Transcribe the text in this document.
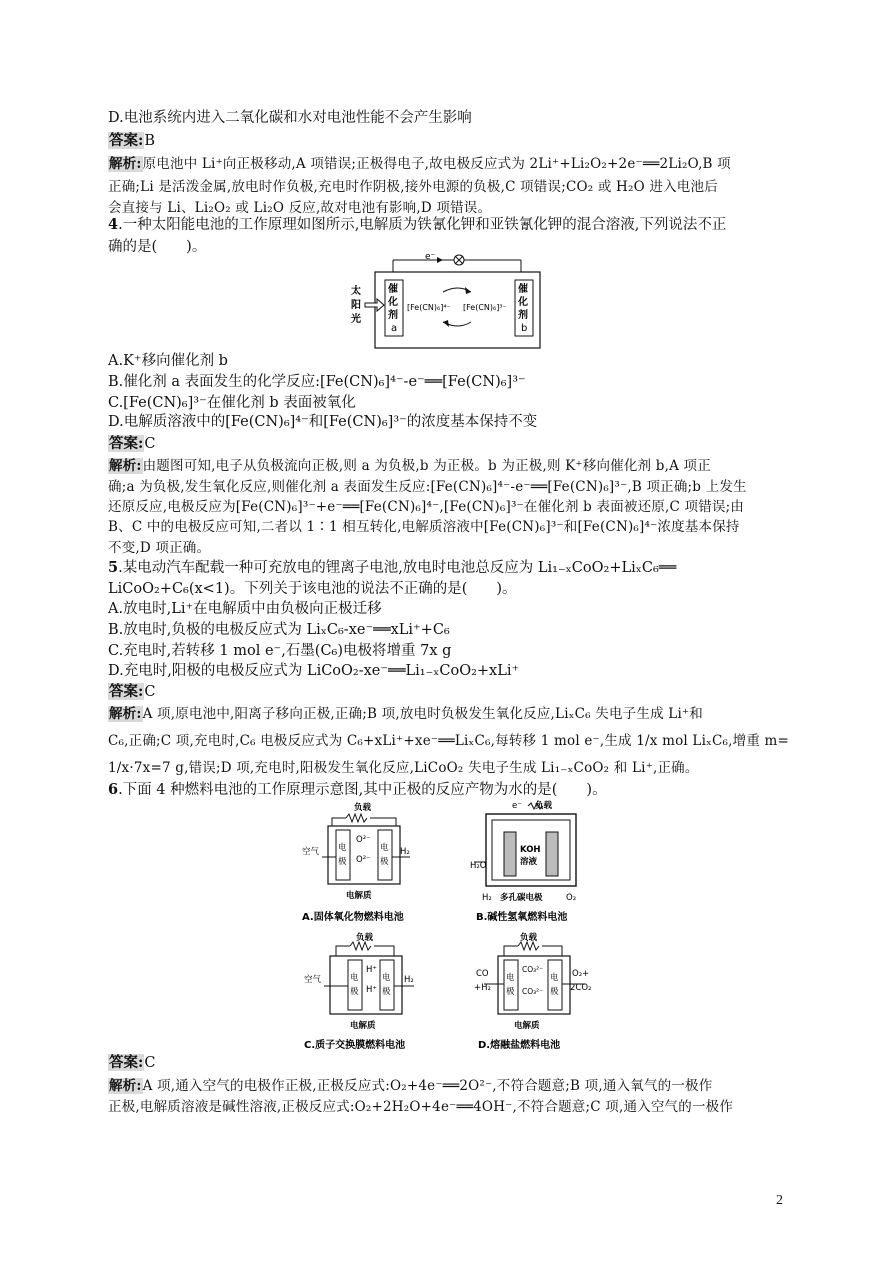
D.电池系统内进入二氧化碳和水对电池性能不会产生影响
答案:B
解析:原电池中 Li⁺向正极移动,A 项错误;正极得电子,故电极反应式为 2Li⁺+Li₂O₂+2e⁻══2Li₂O,B 项
正确;Li 是活泼金属,放电时作负极,充电时作阴极,接外电源的负极,C 项错误;CO₂ 或 H₂O 进入电池后
会直接与 Li、Li₂O₂ 或 Li₂O 反应,故对电池有影响,D 项错误。
4.一种太阳能电池的工作原理如图所示,电解质为铁氰化钾和亚铁氰化钾的混合溶液,下列说法不正
确的是(　　)。
A.K⁺移向催化剂 b
B.催化剂 a 表面发生的化学反应:[Fe(CN)₆]⁴⁻-e⁻══[Fe(CN)₆]³⁻
C.[Fe(CN)₆]³⁻在催化剂 b 表面被氧化
D.电解质溶液中的[Fe(CN)₆]⁴⁻和[Fe(CN)₆]³⁻的浓度基本保持不变
答案:C
解析:由题图可知,电子从负极流向正极,则 a 为负极,b 为正极。b 为正极,则 K⁺移向催化剂 b,A 项正
确;a 为负极,发生氧化反应,则催化剂 a 表面发生反应:[Fe(CN)₆]⁴⁻-e⁻══[Fe(CN)₆]³⁻,B 项正确;b 上发生
还原反应,电极反应为[Fe(CN)₆]³⁻+e⁻══[Fe(CN)₆]⁴⁻,[Fe(CN)₆]³⁻在催化剂 b 表面被还原,C 项错误;由
B、C 中的电极反应可知,二者以 1∶1 相互转化,电解质溶液中[Fe(CN)₆]³⁻和[Fe(CN)₆]⁴⁻浓度基本保持
不变,D 项正确。
5.某电动汽车配载一种可充放电的锂离子电池,放电时电池总反应为 Li₁₋ₓCoO₂+LiₓC₆══
LiCoO₂+C₆(x<1)。下列关于该电池的说法不正确的是(　　)。
A.放电时,Li⁺在电解质中由负极向正极迁移
B.放电时,负极的电极反应式为 LiₓC₆-xe⁻══xLi⁺+C₆
C.充电时,若转移 1 mol e⁻,石墨(C₆)电极将增重 7x g
D.充电时,阳极的电极反应式为 LiCoO₂-xe⁻══Li₁₋ₓCoO₂+xLi⁺
答案:C
解析:A 项,原电池中,阳离子移向正极,正确;B 项,放电时负极发生氧化反应,LiₓC₆ 失电子生成 Li⁺和
C₆,正确;C 项,充电时,C₆ 电极反应式为 C₆+xLi⁺+xe⁻══LiₓC₆,每转移 1 mol e⁻,生成 1/x mol LiₓC₆,增重 m=
1/x·7x=7 g,错误;D 项,充电时,阳极发生氧化反应,LiCoO₂ 失电子生成 Li₁₋ₓCoO₂ 和 Li⁺,正确。
6.下面 4 种燃料电池的工作原理示意图,其中正极的反应产物为水的是(　　)。
答案:C
解析:A 项,通入空气的电极作正极,正极反应式:O₂+4e⁻══2O²⁻,不符合题意;B 项,通入氧气的一极作
正极,电解质溶液是碱性溶液,正极反应式:O₂+2H₂O+4e⁻══4OH⁻,不符合题意;C 项,通入空气的一极作
e⁻
催
化
剂
a
催
化
剂
b
太
阳
光
[Fe(CN)₆]⁴⁻ [Fe(CN)₆]³⁻
负载
电
极
电
极
O²⁻
O²⁻
空气	H₂
电解质
A.固体氧化物燃料电池
e⁻ 负载
KOH
溶液
H₂O
H₂ 多孔碳电极	O₂
B.碱性氢氧燃料电池
负载
电
极
电
极
H⁺
H⁺
空气	H₂
电解质
C.质子交换膜燃料电池
负载
电
极
电
极
CO₃²⁻
CO₃²⁻
CO
+H₂
O₂+
2CO₂
电解质
D.熔融盐燃料电池
2
